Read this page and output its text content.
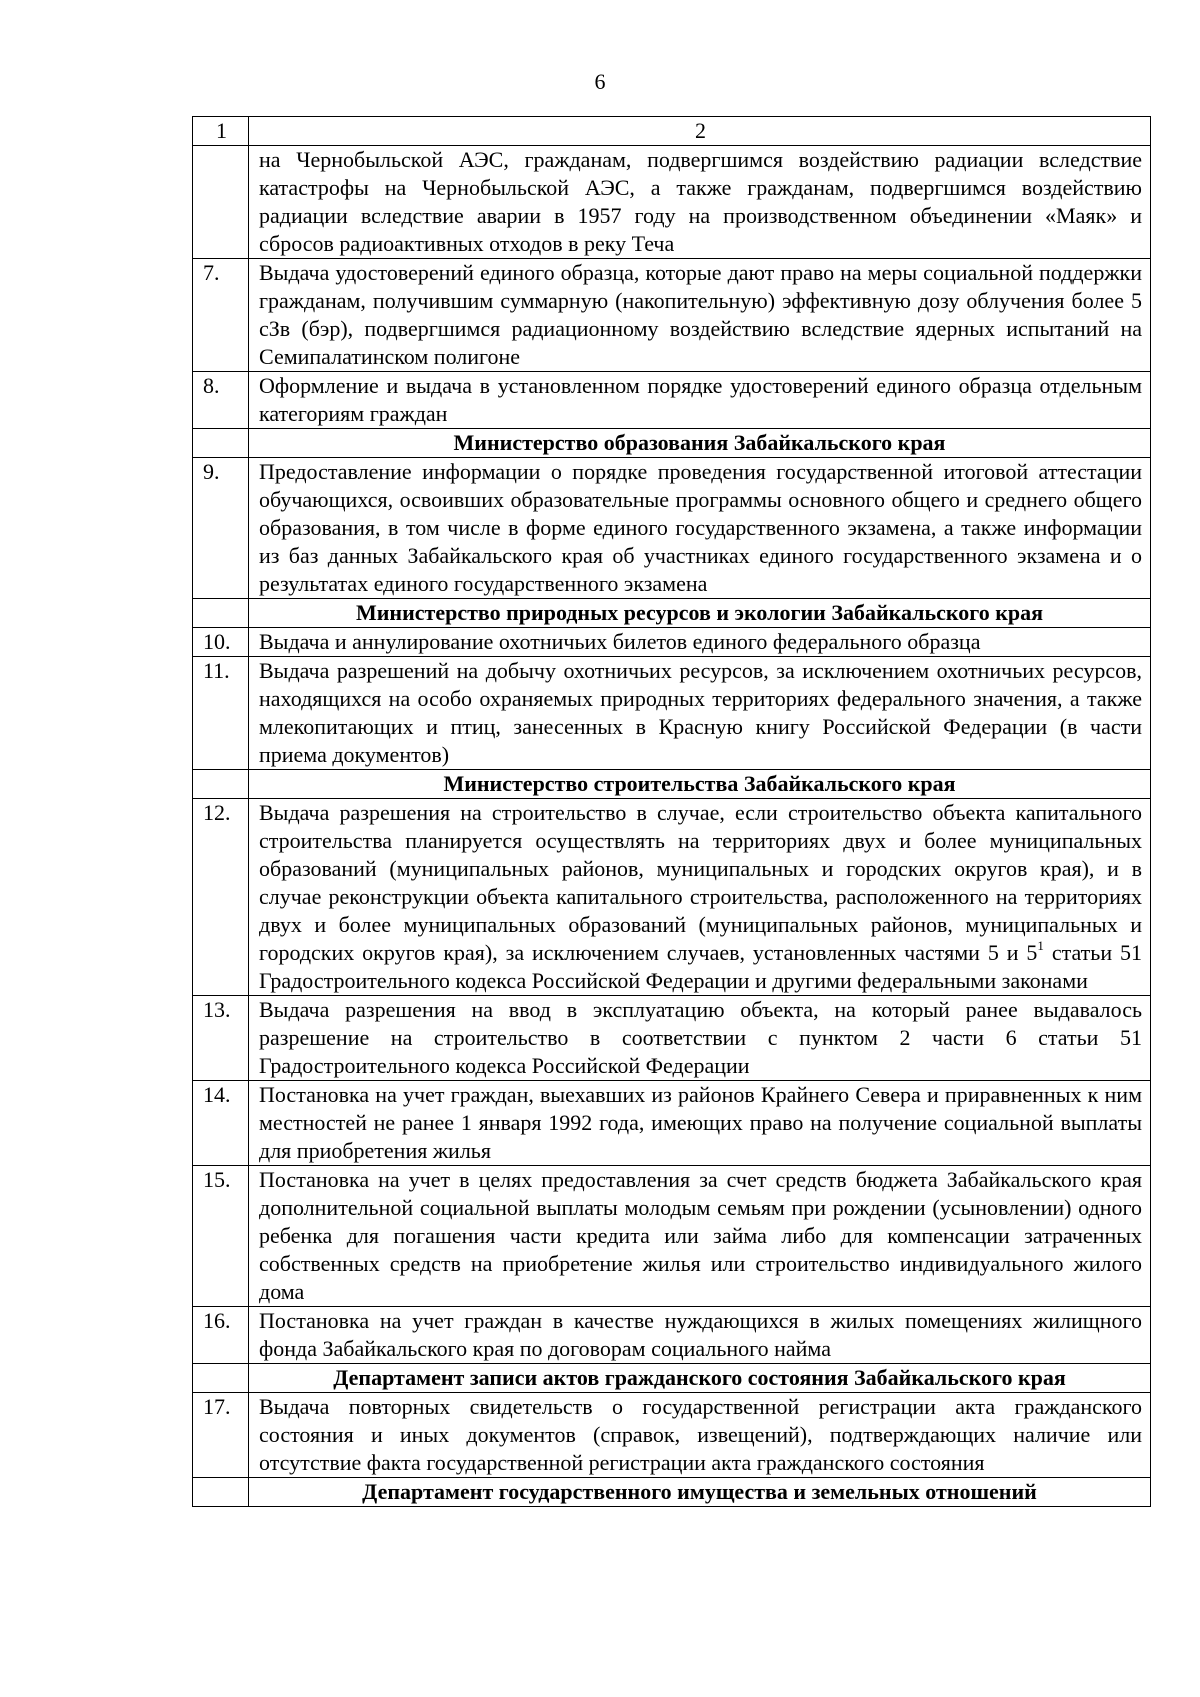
6
1	2
	на Чернобыльской АЭС, гражданам, подвергшимся воздействию радиации вследствие катастрофы на Чернобыльской АЭС, а также гражданам, подвергшимся воздействию радиации вследствие аварии в 1957 году на производственном объединении «Маяк» и сбросов радиоактивных отходов в реку Теча
7.	Выдача удостоверений единого образца, которые дают право на меры социальной поддержки гражданам, получившим суммарную (накопительную) эффективную дозу облучения более 5 сЗв (бэр), подвергшимся радиационному воздействию вследствие ядерных испытаний на Семипалатинском полигоне
8.	Оформление и выдача в установленном порядке удостоверений единого образца отдельным категориям граждан
	Министерство образования Забайкальского края
9.	Предоставление информации о порядке проведения государственной итоговой аттестации обучающихся, освоивших образовательные программы основного общего и среднего общего образования, в том числе в форме единого государственного экзамена, а также информации из баз данных Забайкальского края об участниках единого государственного экзамена и о результатах единого государственного экзамена
	Министерство природных ресурсов и экологии Забайкальского края
10.	Выдача и аннулирование охотничьих билетов единого федерального образца
11.	Выдача разрешений на добычу охотничьих ресурсов, за исключением охотничьих ресурсов, находящихся на особо охраняемых природных территориях федерального значения, а также млекопитающих и птиц, занесенных в Красную книгу Российской Федерации (в части приема документов)
	Министерство строительства Забайкальского края
12.	Выдача разрешения на строительство в случае, если строительство объекта капитального строительства планируется осуществлять на территориях двух и более муниципальных образований (муниципальных районов, муниципальных и городских округов края), и в случае реконструкции объекта капитального строительства, расположенного на территориях двух и более муниципальных образований (муниципальных районов, муниципальных и городских округов края), за исключением случаев, установленных частями 5 и $5^1$ статьи 51 Градостроительного кодекса Российской Федерации и другими федеральными законами
13.	Выдача разрешения на ввод в эксплуатацию объекта, на который ранее выдавалось разрешение на строительство в соответствии с пунктом 2 части 6 статьи 51 Градостроительного кодекса Российской Федерации
14.	Постановка на учет граждан, выехавших из районов Крайнего Севера и приравненных к ним местностей не ранее 1 января 1992 года, имеющих право на получение социальной выплаты для приобретения жилья
15.	Постановка на учет в целях предоставления за счет средств бюджета Забайкальского края дополнительной социальной выплаты молодым семьям при рождении (усыновлении) одного ребенка для погашения части кредита или займа либо для компенсации затраченных собственных средств на приобретение жилья или строительство индивидуального жилого дома
16.	Постановка на учет граждан в качестве нуждающихся в жилых помещениях жилищного фонда Забайкальского края по договорам социального найма
	Департамент записи актов гражданского состояния Забайкальского края
17.	Выдача повторных свидетельств о государственной регистрации акта гражданского состояния и иных документов (справок, извещений), подтверждающих наличие или отсутствие факта государственной регистрации акта гражданского состояния
	Департамент государственного имущества и земельных отношений
